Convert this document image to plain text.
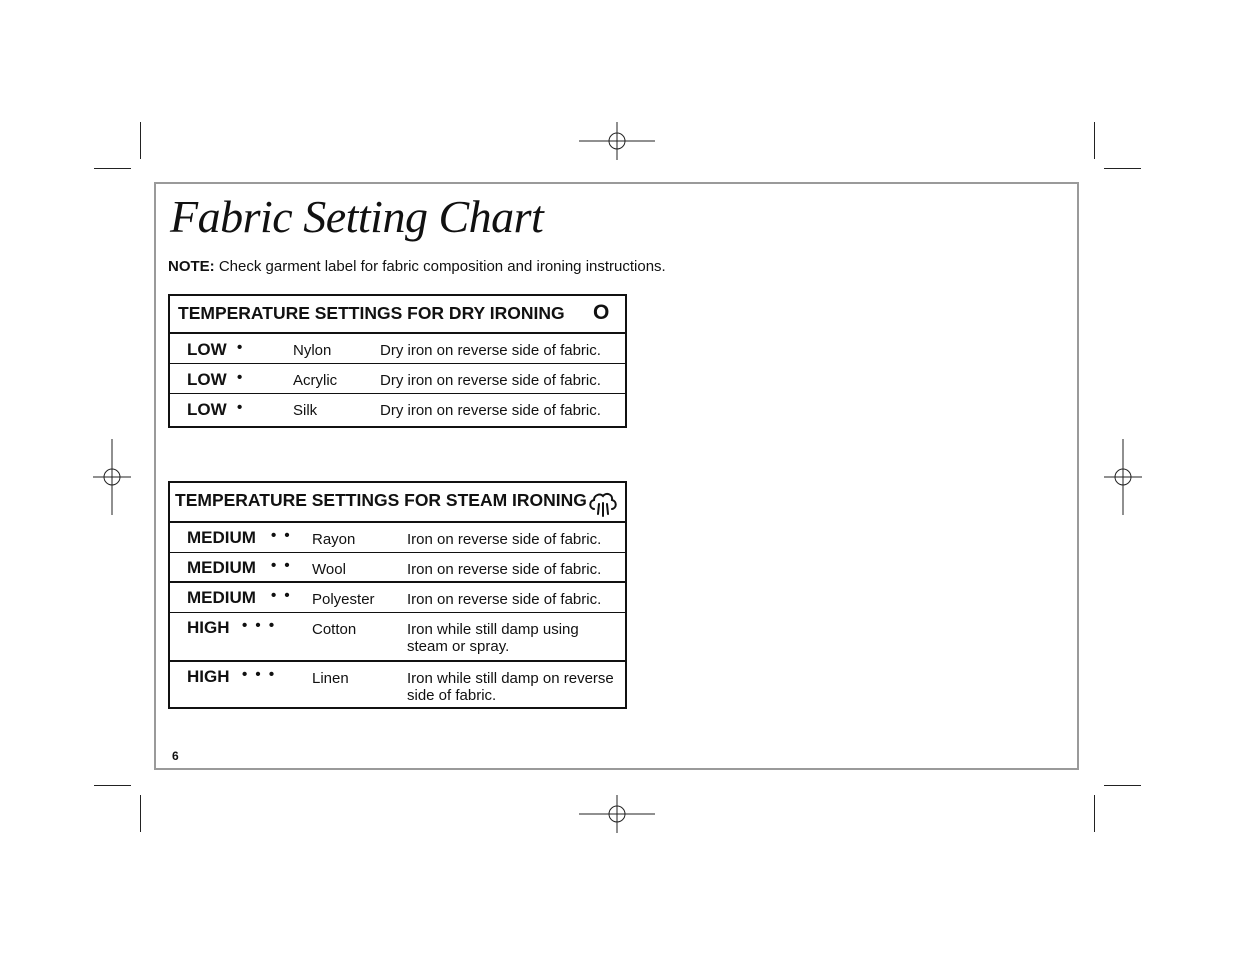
Fabric Setting Chart
NOTE: Check garment label for fabric composition and ironing instructions.
TEMPERATURE SETTINGS FOR DRY IRONING O
LOW •	Nylon	Dry iron on reverse side of fabric.
LOW •	Acrylic	Dry iron on reverse side of fabric.
LOW •	Silk	Dry iron on reverse side of fabric.
TEMPERATURE SETTINGS FOR STEAM IRONING
MEDIUM • • Rayon	Iron on reverse side of fabric.
MEDIUM • • Wool	Iron on reverse side of fabric.
MEDIUM • • Polyester Iron on reverse side of fabric.
HIGH • • • Cotton	Iron while still damp using steam or spray.
HIGH • • • Linen	Iron while still damp on reverse side of fabric.
6
